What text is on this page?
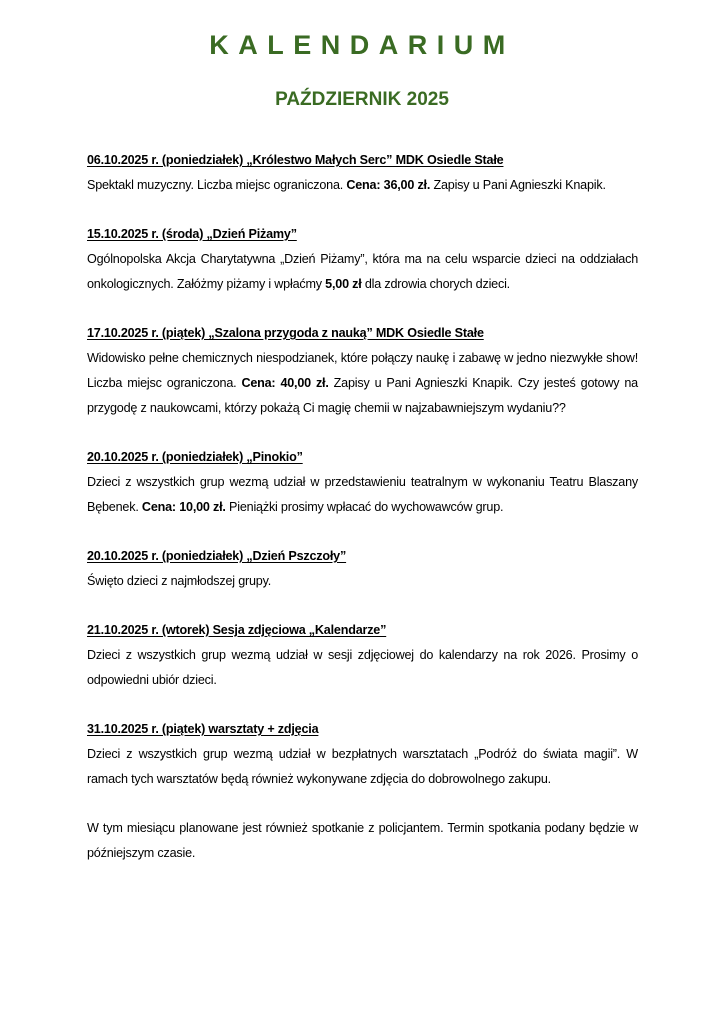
KALENDARIUM
PAŹDZIERNIK 2025
06.10.2025 r. (poniedziałek) „Królestwo Małych Serc” MDK Osiedle Stałe
Spektakl muzyczny. Liczba miejsc ograniczona. Cena: 36,00 zł. Zapisy u Pani Agnieszki Knapik.
15.10.2025 r. (środa) „Dzień Piżamy”
Ogólnopolska Akcja Charytatywna „Dzień Piżamy”, która ma na celu wsparcie dzieci na oddziałach onkologicznych. Załóżmy piżamy i wpłaćmy 5,00 zł dla zdrowia chorych dzieci.
17.10.2025 r. (piątek) „Szalona przygoda z nauką” MDK Osiedle Stałe
Widowisko pełne chemicznych niespodzianek, które połączy naukę i zabawę w jedno niezwykłe show! Liczba miejsc ograniczona. Cena: 40,00 zł. Zapisy u Pani Agnieszki Knapik. Czy jesteś gotowy na przygodę z naukowcami, którzy pokażą Ci magię chemii w najzabawniejszym wydaniu??
20.10.2025 r. (poniedziałek) „Pinokio”
Dzieci z wszystkich grup wezmą udział w przedstawieniu teatralnym w wykonaniu Teatru Blaszany Bębenek. Cena: 10,00 zł. Pieniążki prosimy wpłacać do wychowawców grup.
20.10.2025 r. (poniedziałek) „Dzień Pszczoły”
Święto dzieci z najmłodszej grupy.
21.10.2025 r. (wtorek) Sesja zdjęciowa „Kalendarze”
Dzieci z wszystkich grup wezmą udział w sesji zdjęciowej do kalendarzy na rok 2026. Prosimy o odpowiedni ubiór dzieci.
31.10.2025 r. (piątek) warsztaty + zdjęcia
Dzieci z wszystkich grup wezmą udział w bezpłatnych warsztatach „Podróż do świata magii”. W ramach tych warsztatów będą również wykonywane zdjęcia do dobrowolnego zakupu.
W tym miesiącu planowane jest również spotkanie z policjantem. Termin spotkania podany będzie w późniejszym czasie.
